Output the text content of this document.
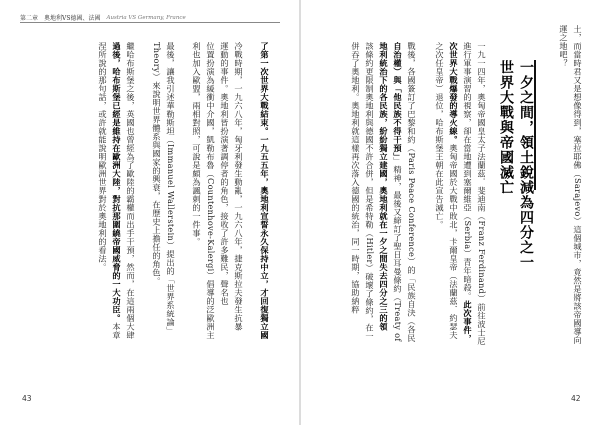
第二章 奧地利VS德國、法國 Austria VS Germany, France
了第一次世界大戰結束。一九五五年，奧地利宣誓永久保持中立，才回復獨立國
冷戰時期，一九六八年，匈牙利發生動亂，一九六八年，捷克斯拉夫發生抗暴
運動的事件。奧地利皆扮演著調停者的角色，接收了許多難民，聲名也
位置扮演為緩衝中介國，凱勒布魯（Countenhove-Kalergi）倡導的泛歐洲主
利也加入歐盟，兩相對照，可說是頗為諷刺的一件事。
最後，讓我引述華勒斯坦（Immanuel Wallerstein）提出的「世界系統論」
Theory）來說明世界體系與國家的興衰，在歷史上擔任的角色。
繼哈布斯堡之後，英國也曾經為了歐陸的霸權而出手干預，然而，在這兩個大肆
過後，哈布斯堡已經是維持在歐洲大陸，對抗那圍繞帝國威脅的一大功臣。本章
涅所說的那句話，或許就能說明歐洲世界對於奧地利的看法。
43
土，而當時君又是想像得到，塞拉耶佛（Sarajevo）這個城市，竟然是將該帝國導向
運之地吧？
一夕之間，領土銳減為四分之一
世界大戰與帝國滅亡
一九一四年，奧匈帝國皇太子法蘭茲．斐迪南（Franz Ferdinand）前往波士尼
進行軍事演習的視察，卻在當地遭到塞爾維亞（Serbia）青年暗殺。此次事件，
次世界大戰爆發的導火線。奧匈帝國於大戰中敗北，卡爾皇帝（法蘭茲．約瑟夫
之次任皇帝）退位，哈布斯堡王朝在此宣告滅亡。
戰後，各國簽訂了巴黎和約（Paris Peace Conference）的「民族自決（各民
自治權）與「他民族不得干預」」精神，最後又締訂了聖日耳曼條約（Treaty of
地利統治下的各民族，紛紛獨立建國，奧地利就在一夕之間失去四分之三的領
該條約更限制奧地利與德國不許合併，但是希特勒（Hitler）破壞了條約，在一
併吞了奧地利。奧地利就這樣再次落入德國的統治，同一時期，協助納粹
42
